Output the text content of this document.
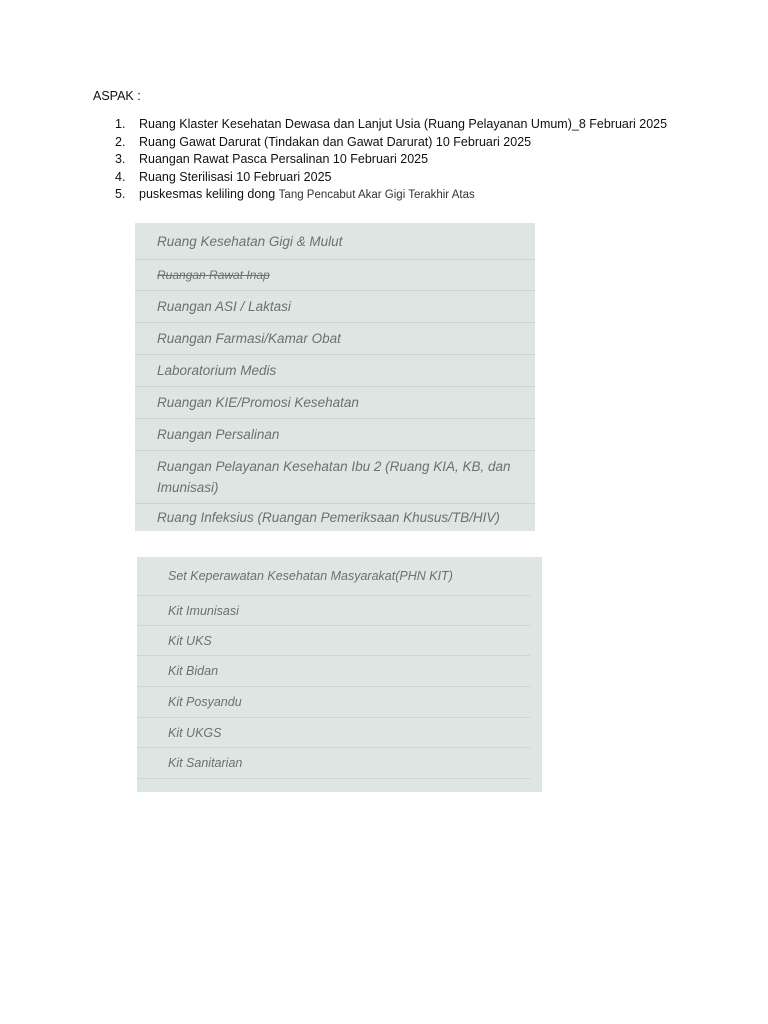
ASPAK :
1. Ruang Klaster Kesehatan Dewasa dan Lanjut Usia (Ruang Pelayanan Umum)_8 Februari 2025
2. Ruang Gawat Darurat (Tindakan dan Gawat Darurat) 10 Februari 2025
3. Ruangan Rawat Pasca Persalinan 10 Februari 2025
4. Ruang Sterilisasi 10 Februari 2025
5. puskesmas keliling dong Tang Pencabut Akar Gigi Terakhir Atas
Ruang Kesehatan Gigi & Mulut
Ruangan Rawat Inap
Ruangan ASI / Laktasi
Ruangan Farmasi/Kamar Obat
Laboratorium Medis
Ruangan KIE/Promosi Kesehatan
Ruangan Persalinan
Ruangan Pelayanan Kesehatan Ibu 2 (Ruang KIA, KB, dan Imunisasi)
Ruang Infeksius (Ruangan Pemeriksaan Khusus/TB/HIV)
Set Keperawatan Kesehatan Masyarakat(PHN KIT)
Kit Imunisasi
Kit UKS
Kit Bidan
Kit Posyandu
Kit UKGS
Kit Sanitarian
